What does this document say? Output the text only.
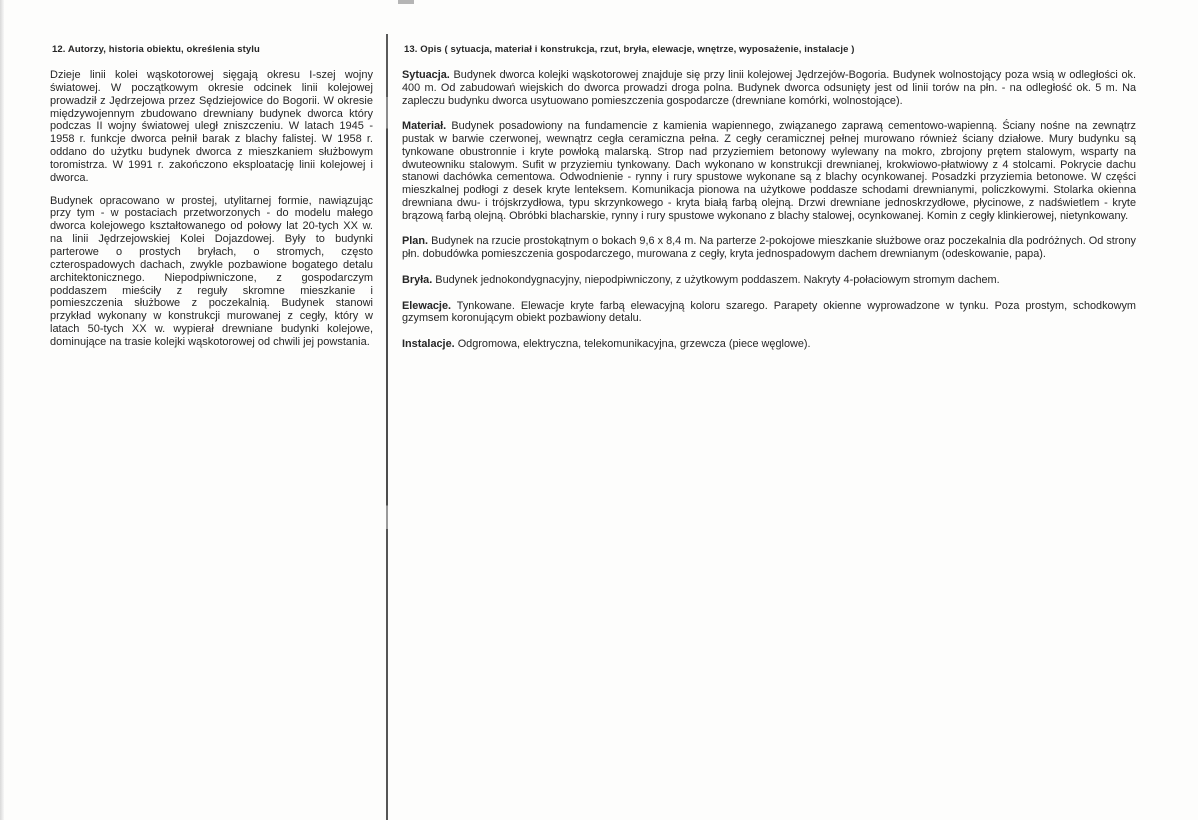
12. Autorzy, historia obiektu, określenia stylu

Dzieje linii kolei wąskotorowej sięgają okresu I-szej wojny światowej. W początkowym okresie odcinek linii kolejowej prowadził z Jędrzejowa przez Sędziejowice do Bogorii. W okresie międzywojennym zbudowano drewniany budynek dworca który podczas II wojny światowej uległ zniszczeniu. W latach 1945 - 1958 r. funkcje dworca pełnił barak z blachy falistej. W 1958 r. oddano do użytku budynek dworca z mieszkaniem służbowym toromistrza. W 1991 r. zakończono eksploatację linii kolejowej i dworca.

Budynek opracowano w prostej, utylitarnej formie, nawiązując przy tym - w postaciach przetworzonych - do modelu małego dworca kolejowego kształtowanego od połowy lat 20-tych XX w. na linii Jędrzejowskiej Kolei Dojazdowej. Były to budynki parterowe o prostych bryłach, o stromych, często czterospadowych dachach, zwykle pozbawione bogatego detalu architektonicznego. Niepodpiwniczone, z gospodarczym poddaszem mieściły z reguły skromne mieszkanie i pomieszczenia służbowe z poczekalnią. Budynek stanowi przykład wykonany w konstrukcji murowanej z cegły, który w latach 50-tych XX w. wypierał drewniane budynki kolejowe, dominujące na trasie kolejki wąskotorowej od chwili jej powstania.

13. Opis ( sytuacja, materiał i konstrukcja, rzut, bryła, elewacje, wnętrze, wyposażenie, instalacje )

Sytuacja. Budynek dworca kolejki wąskotorowej znajduje się przy linii kolejowej Jędrzejów-Bogoria. Budynek wolnostojący poza wsią w odległości ok. 400 m. Od zabudowań wiejskich do dworca prowadzi droga polna. Budynek dworca odsunięty jest od linii torów na płn. - na odległość ok. 5 m. Na zapleczu budynku dworca usytuowano pomieszczenia gospodarcze (drewniane komórki, wolnostojące).

Materiał. Budynek posadowiony na fundamencie z kamienia wapiennego, związanego zaprawą cementowo-wapienną. Ściany nośne na zewnątrz pustak w barwie czerwonej, wewnątrz cegła ceramiczna pełna. Z cegły ceramicznej pełnej murowano również ściany działowe. Mury budynku są tynkowane obustronnie i kryte powłoką malarską. Strop nad przyziemiem betonowy wylewany na mokro, zbrojony prętem stalowym, wsparty na dwuteowniku stalowym. Sufit w przyziemiu tynkowany. Dach wykonano w konstrukcji drewnianej, krokwiowo-płatwiowy z 4 stolcami. Pokrycie dachu stanowi dachówka cementowa. Odwodnienie - rynny i rury spustowe wykonane są z blachy ocynkowanej. Posadzki przyziemia betonowe. W części mieszkalnej podłogi z desek kryte lenteksem. Komunikacja pionowa na użytkowe poddasze schodami drewnianymi, policzkowymi. Stolarka okienna drewniana dwu- i trójskrzydłowa, typu skrzynkowego - kryta białą farbą olejną. Drzwi drewniane jednoskrzydłowe, płycinowe, z nadświetlem - kryte brązową farbą olejną. Obróbki blacharskie, rynny i rury spustowe wykonano z blachy stalowej, ocynkowanej. Komin z cegły klinkierowej, nietynkowany.

Plan. Budynek na rzucie prostokątnym o bokach 9,6 x 8,4 m. Na parterze 2-pokojowe mieszkanie służbowe oraz poczekalnia dla podróżnych. Od strony płn. dobudówka pomieszczenia gospodarczego, murowana z cegły, kryta jednospadowym dachem drewnianym (odeskowanie, papa).

Bryła. Budynek jednokondygnacyjny, niepodpiwniczony, z użytkowym poddaszem. Nakryty 4-połaciowym stromym dachem.

Elewacje. Tynkowane. Elewacje kryte farbą elewacyjną koloru szarego. Parapety okienne wyprowadzone w tynku. Poza prostym, schodkowym gzymsem koronującym obiekt pozbawiony detalu.

Instalacje. Odgromowa, elektryczna, telekomunikacyjna, grzewcza (piece węglowe).
